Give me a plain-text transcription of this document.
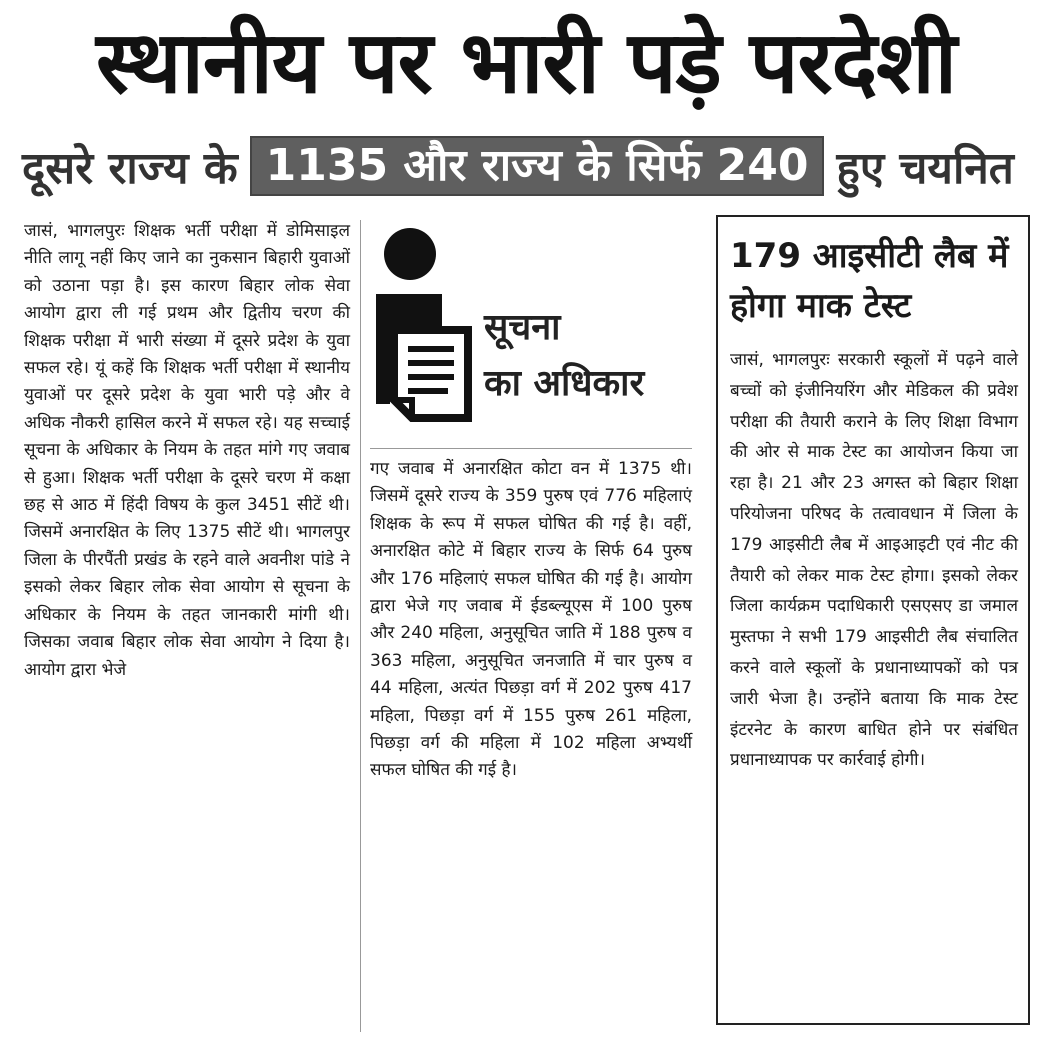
स्थानीय पर भारी पड़े परदेशी
दूसरे राज्य के 1135 और राज्य के सिर्फ 240 हुए चयनित
जासं, भागलपुरः शिक्षक भर्ती परीक्षा में डोमिसाइल नीति लागू नहीं किए जाने का नुकसान बिहारी युवाओं को उठाना पड़ा है। इस कारण बिहार लोक सेवा आयोग द्वारा ली गई प्रथम और द्वितीय चरण की शिक्षक परीक्षा में भारी संख्या में दूसरे प्रदेश के युवा सफल रहे। यूं कहें कि शिक्षक भर्ती परीक्षा में स्थानीय युवाओं पर दूसरे प्रदेश के युवा भारी पड़े और वे अधिक नौकरी हासिल करने में सफल रहे। यह सच्चाई सूचना के अधिकार के नियम के तहत मांगे गए जवाब से हुआ। शिक्षक भर्ती परीक्षा के दूसरे चरण में कक्षा छह से आठ में हिंदी विषय के कुल 3451 सीटें थी। जिसमें अनारक्षित के लिए 1375 सीटें थी। भागलपुर जिला के पीरपैंती प्रखंड के रहने वाले अवनीश पांडे ने इसको लेकर बिहार लोक सेवा आयोग से सूचना के अधिकार के नियम के तहत जानकारी मांगी थी। जिसका जवाब बिहार लोक सेवा आयोग ने दिया है। आयोग द्वारा भेजे
सूचना
का अधिकार
गए जवाब में अनारक्षित कोटा वन में 1375 थी। जिसमें दूसरे राज्य के 359 पुरुष एवं 776 महिलाएं शिक्षक के रूप में सफल घोषित की गई है। वहीं, अनारक्षित कोटे में बिहार राज्य के सिर्फ 64 पुरुष और 176 महिलाएं सफल घोषित की गई है। आयोग द्वारा भेजे गए जवाब में ईडब्ल्यूएस में 100 पुरुष और 240 महिला, अनुसूचित जाति में 188 पुरुष व 363 महिला, अनुसूचित जनजाति में चार पुरुष व 44 महिला, अत्यंत पिछड़ा वर्ग में 202 पुरुष 417 महिला, पिछड़ा वर्ग में 155 पुरुष 261 महिला, पिछड़ा वर्ग की महिला में 102 महिला अभ्यर्थी सफल घोषित की गई है।
179 आइसीटी लैब में होगा माक टेस्ट
जासं, भागलपुरः सरकारी स्कूलों में पढ़ने वाले बच्चों को इंजीनियरिंग और मेडिकल की प्रवेश परीक्षा की तैयारी कराने के लिए शिक्षा विभाग की ओर से माक टेस्ट का आयोजन किया जा रहा है। 21 और 23 अगस्त को बिहार शिक्षा परियोजना परिषद के तत्वावधान में जिला के 179 आइसीटी लैब में आइआइटी एवं नीट की तैयारी को लेकर माक टेस्ट होगा। इसको लेकर जिला कार्यक्रम पदाधिकारी एसएसए डा जमाल मुस्तफा ने सभी 179 आइसीटी लैब संचालित करने वाले स्कूलों के प्रधानाध्यापकों को पत्र जारी भेजा है। उन्होंने बताया कि माक टेस्ट इंटरनेट के कारण बाधित होने पर संबंधित प्रधानाध्यापक पर कार्रवाई होगी।
